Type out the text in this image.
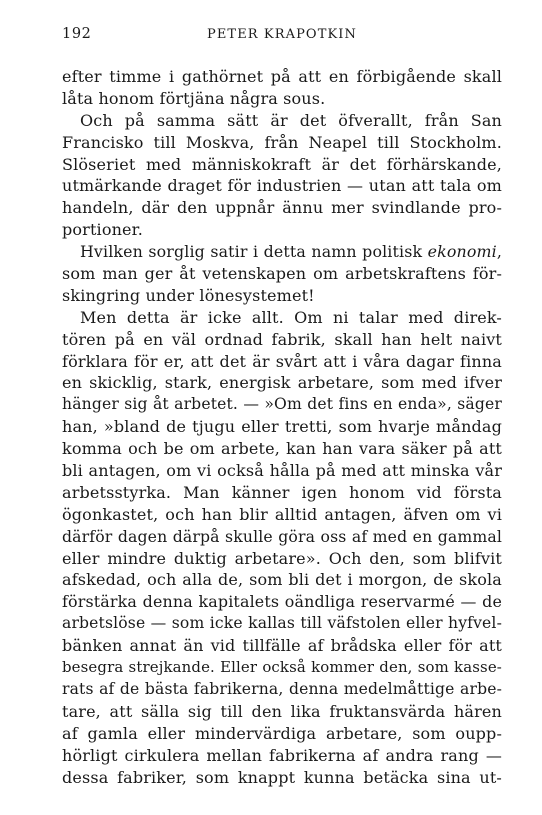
192	PETER KRAPOTKIN
efter timme i gathörnet på att en förbigående skall
låta honom förtjäna några sous.
Och på samma sätt är det öfverallt, från San
Francisko till Moskva, från Neapel till Stockholm.
Slöseriet med människokraft är det förhärskande,
utmärkande draget för industrien — utan att tala om
handeln, där den uppnår ännu mer svindlande pro-
portioner.
Hvilken sorglig satir i detta namn politisk ekonomi,
som man ger åt vetenskapen om arbetskraftens för-
skingring under lönesystemet!
Men detta är icke allt. Om ni talar med direk-
tören på en väl ordnad fabrik, skall han helt naivt
förklara för er, att det är svårt att i våra dagar finna
en skicklig, stark, energisk arbetare, som med ifver
hänger sig åt arbetet. — »Om det fins en enda», säger
han, »bland de tjugu eller tretti, som hvarje måndag
komma och be om arbete, kan han vara säker på att
bli antagen, om vi också hålla på med att minska vår
arbetsstyrka. Man känner igen honom vid första
ögonkastet, och han blir alltid antagen, äfven om vi
därför dagen därpå skulle göra oss af med en gammal
eller mindre duktig arbetare». Och den, som blifvit
afskedad, och alla de, som bli det i morgon, de skola
förstärka denna kapitalets oändliga reservarmé — de
arbetslöse — som icke kallas till väfstolen eller hyfvel-
bänken annat än vid tillfälle af brådska eller för att
besegra strejkande. Eller också kommer den, som kasse-
rats af de bästa fabrikerna, denna medelmåttige arbe-
tare, att sälla sig till den lika fruktansvärda hären
af gamla eller mindervärdiga arbetare, som oupp-
hörligt cirkulera mellan fabrikerna af andra rang —
dessa fabriker, som knappt kunna betäcka sina ut-
